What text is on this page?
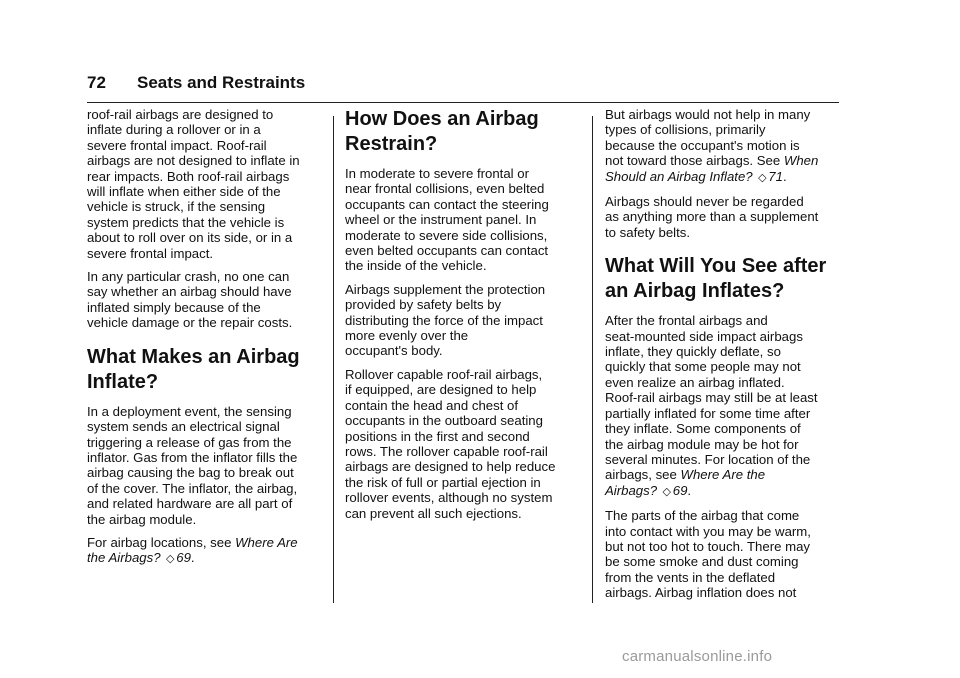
72 Seats and Restraints

roof-rail airbags are designed to
inflate during a rollover or in a
severe frontal impact. Roof-rail
airbags are not designed to inflate in
rear impacts. Both roof-rail airbags
will inflate when either side of the
vehicle is struck, if the sensing
system predicts that the vehicle is
about to roll over on its side, or in a
severe frontal impact.

In any particular crash, no one can
say whether an airbag should have
inflated simply because of the
vehicle damage or the repair costs.

What Makes an Airbag
Inflate?

In a deployment event, the sensing
system sends an electrical signal
triggering a release of gas from the
inflator. Gas from the inflator fills the
airbag causing the bag to break out
of the cover. The inflator, the airbag,
and related hardware are all part of
the airbag module.

For airbag locations, see Where Are
the Airbags? ◇ 69.

How Does an Airbag
Restrain?

In moderate to severe frontal or
near frontal collisions, even belted
occupants can contact the steering
wheel or the instrument panel. In
moderate to severe side collisions,
even belted occupants can contact
the inside of the vehicle.

Airbags supplement the protection
provided by safety belts by
distributing the force of the impact
more evenly over the
occupant's body.

Rollover capable roof-rail airbags,
if equipped, are designed to help
contain the head and chest of
occupants in the outboard seating
positions in the first and second
rows. The rollover capable roof-rail
airbags are designed to help reduce
the risk of full or partial ejection in
rollover events, although no system
can prevent all such ejections.

But airbags would not help in many
types of collisions, primarily
because the occupant's motion is
not toward those airbags. See When
Should an Airbag Inflate? ◇ 71.

Airbags should never be regarded
as anything more than a supplement
to safety belts.

What Will You See after
an Airbag Inflates?

After the frontal airbags and
seat-mounted side impact airbags
inflate, they quickly deflate, so
quickly that some people may not
even realize an airbag inflated.
Roof-rail airbags may still be at least
partially inflated for some time after
they inflate. Some components of
the airbag module may be hot for
several minutes. For location of the
airbags, see Where Are the
Airbags? ◇ 69.

The parts of the airbag that come
into contact with you may be warm,
but not too hot to touch. There may
be some smoke and dust coming
from the vents in the deflated
airbags. Airbag inflation does not

carmanualsonline.info
